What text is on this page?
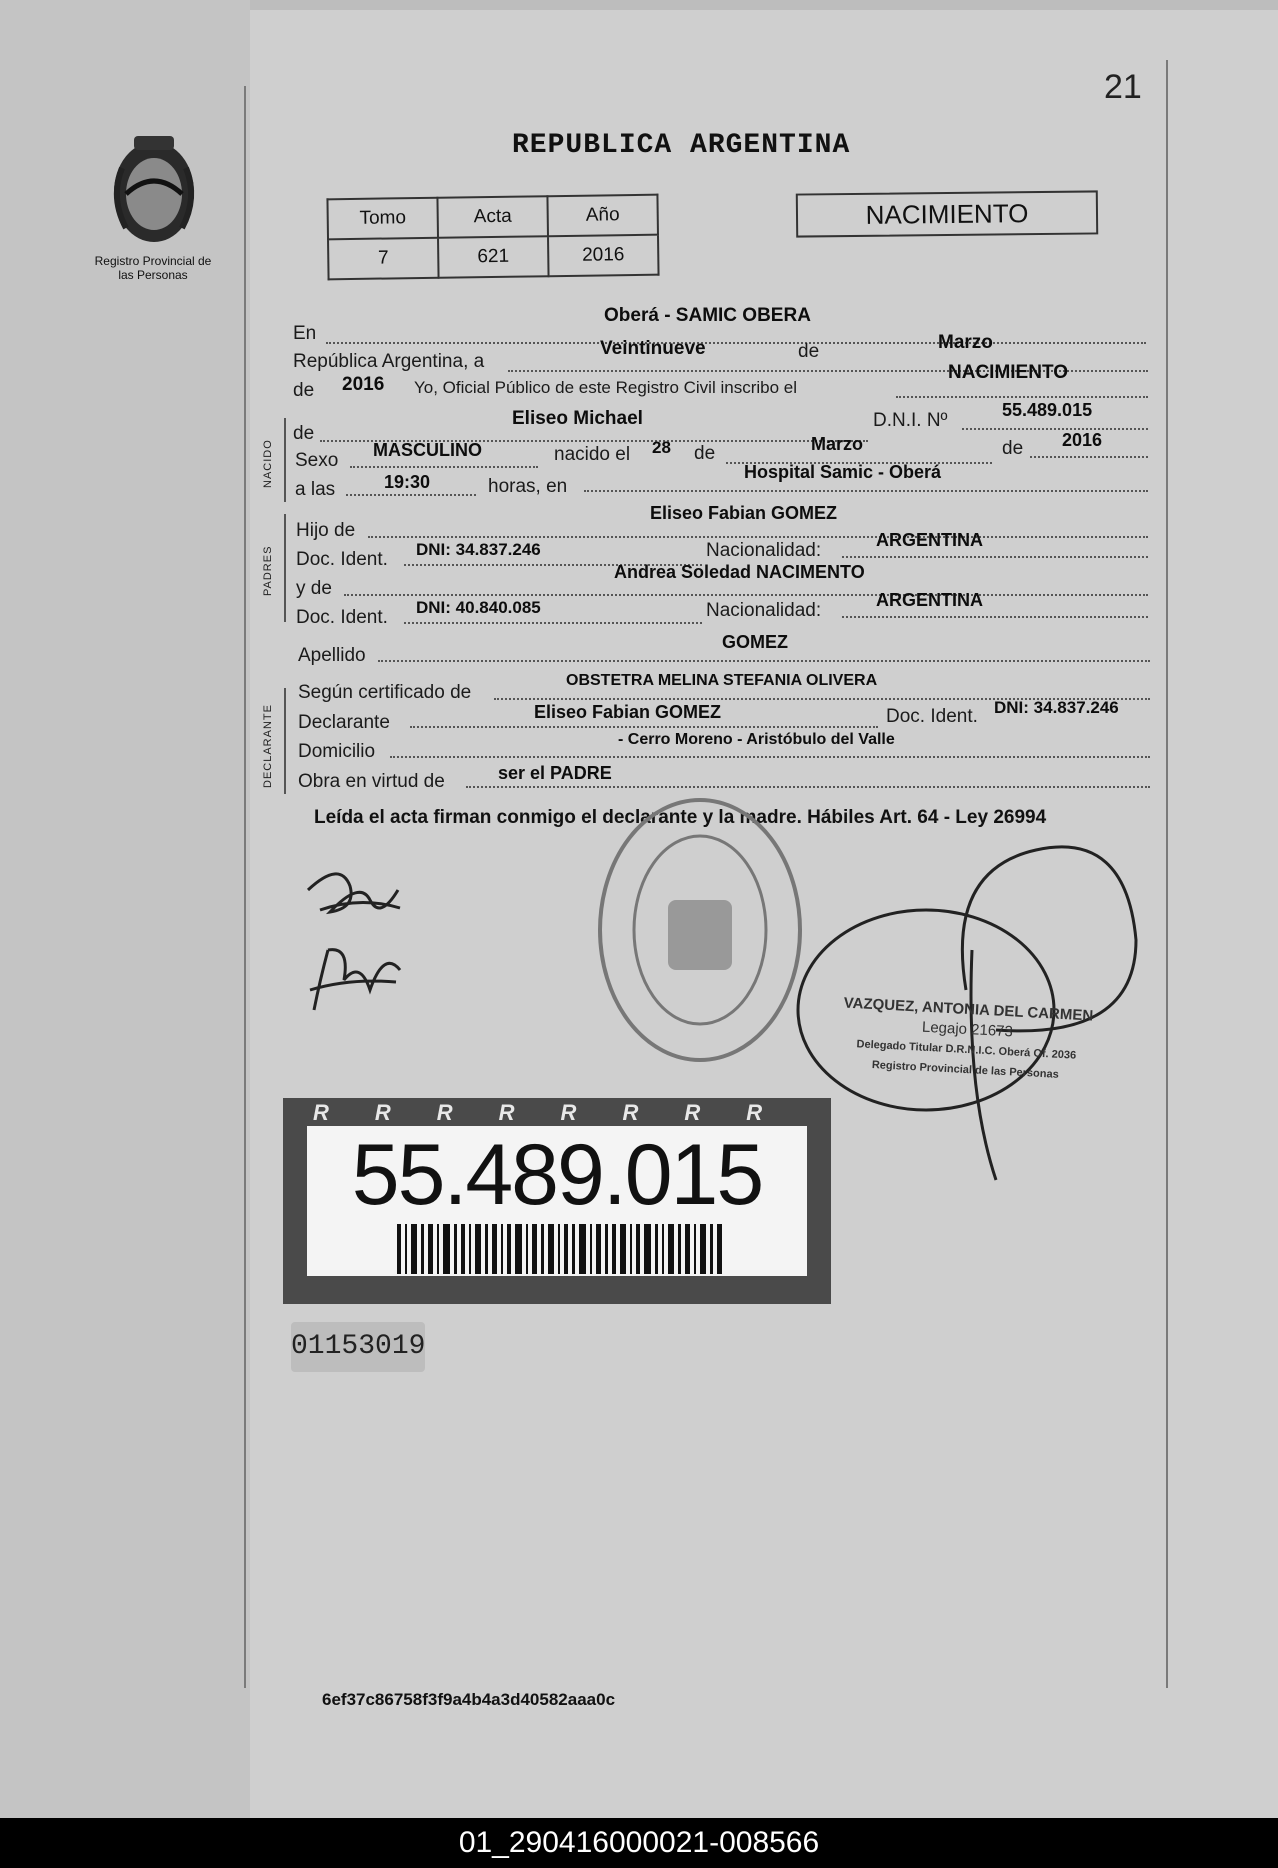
21
Registro Provincial de las Personas
REPUBLICA ARGENTINA
Tomo	Acta	Año
7	621	2016
NACIMIENTO
En
Oberá - SAMIC OBERA
República Argentina, a
Veintinueve	de	Marzo
de 2016 Yo, Oficial Público de este Registro Civil inscribo el
NACIMIENTO
NACIDO
de
Eliseo Michael	D.N.I. Nº	55.489.015
Sexo MASCULINO	nacido el 28 de	Marzo	de 2016
a las	19:30	horas, en
Hospital Samic - Oberá
PADRES
Hijo de
Eliseo Fabian GOMEZ
Doc. Ident. DNI: 34.837.246	Nacionalidad:	ARGENTINA
y de
Andrea Soledad NACIMENTO
Doc. Ident. DNI: 40.840.085	Nacionalidad:	ARGENTINA
Apellido
GOMEZ
DECLARANTE
Según certificado de
OBSTETRA MELINA STEFANIA OLIVERA
Declarante	Eliseo Fabian GOMEZ	Doc. Ident. DNI: 34.837.246
Domicilio
- Cerro Moreno - Aristóbulo del Valle
Obra en virtud de	ser el PADRE
Leída el acta firman conmigo el declarante y la madre. Hábiles Art. 64 - Ley 26994
VAZQUEZ, ANTONIA DEL CARMEN
Legajo 21673
Delegado Titular D.R.N.I.C. Oberá Of. 2036
Registro Provincial de las Personas
RRRRRRRR
55.489.015
01153019
6ef37c86758f3f9a4b4a3d40582aaa0c
01_290416000021-008566
